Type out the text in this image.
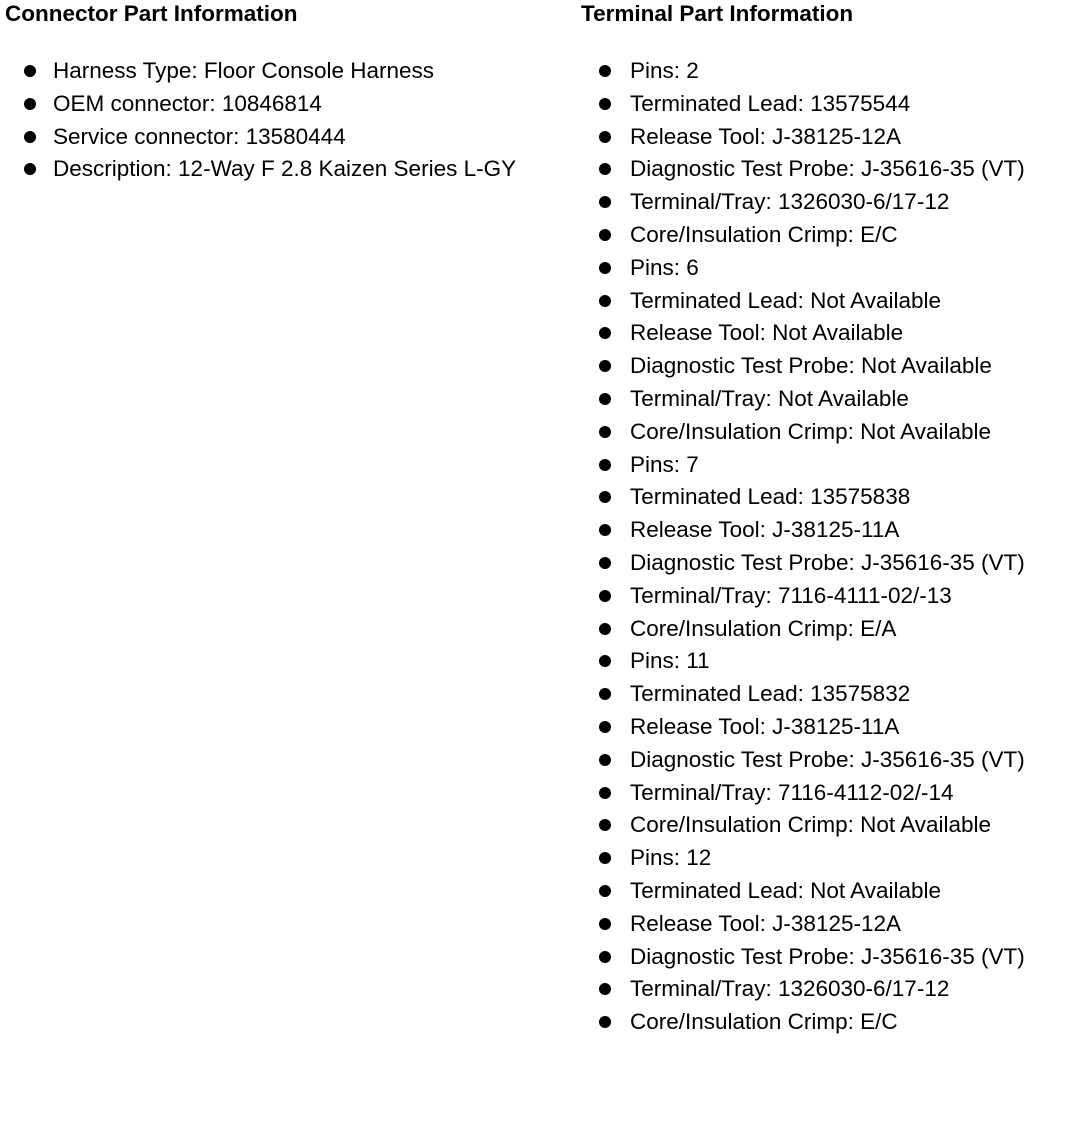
Connector Part Information
Harness Type: Floor Console Harness
OEM connector: 10846814
Service connector: 13580444
Description: 12-Way F 2.8 Kaizen Series L-GY
Terminal Part Information
Pins: 2
Terminated Lead: 13575544
Release Tool: J-38125-12A
Diagnostic Test Probe: J-35616-35 (VT)
Terminal/Tray: 1326030-6/17-12
Core/Insulation Crimp: E/C
Pins: 6
Terminated Lead: Not Available
Release Tool: Not Available
Diagnostic Test Probe: Not Available
Terminal/Tray: Not Available
Core/Insulation Crimp: Not Available
Pins: 7
Terminated Lead: 13575838
Release Tool: J-38125-11A
Diagnostic Test Probe: J-35616-35 (VT)
Terminal/Tray: 7116-4111-02/-13
Core/Insulation Crimp: E/A
Pins: 11
Terminated Lead: 13575832
Release Tool: J-38125-11A
Diagnostic Test Probe: J-35616-35 (VT)
Terminal/Tray: 7116-4112-02/-14
Core/Insulation Crimp: Not Available
Pins: 12
Terminated Lead: Not Available
Release Tool: J-38125-12A
Diagnostic Test Probe: J-35616-35 (VT)
Terminal/Tray: 1326030-6/17-12
Core/Insulation Crimp: E/C
